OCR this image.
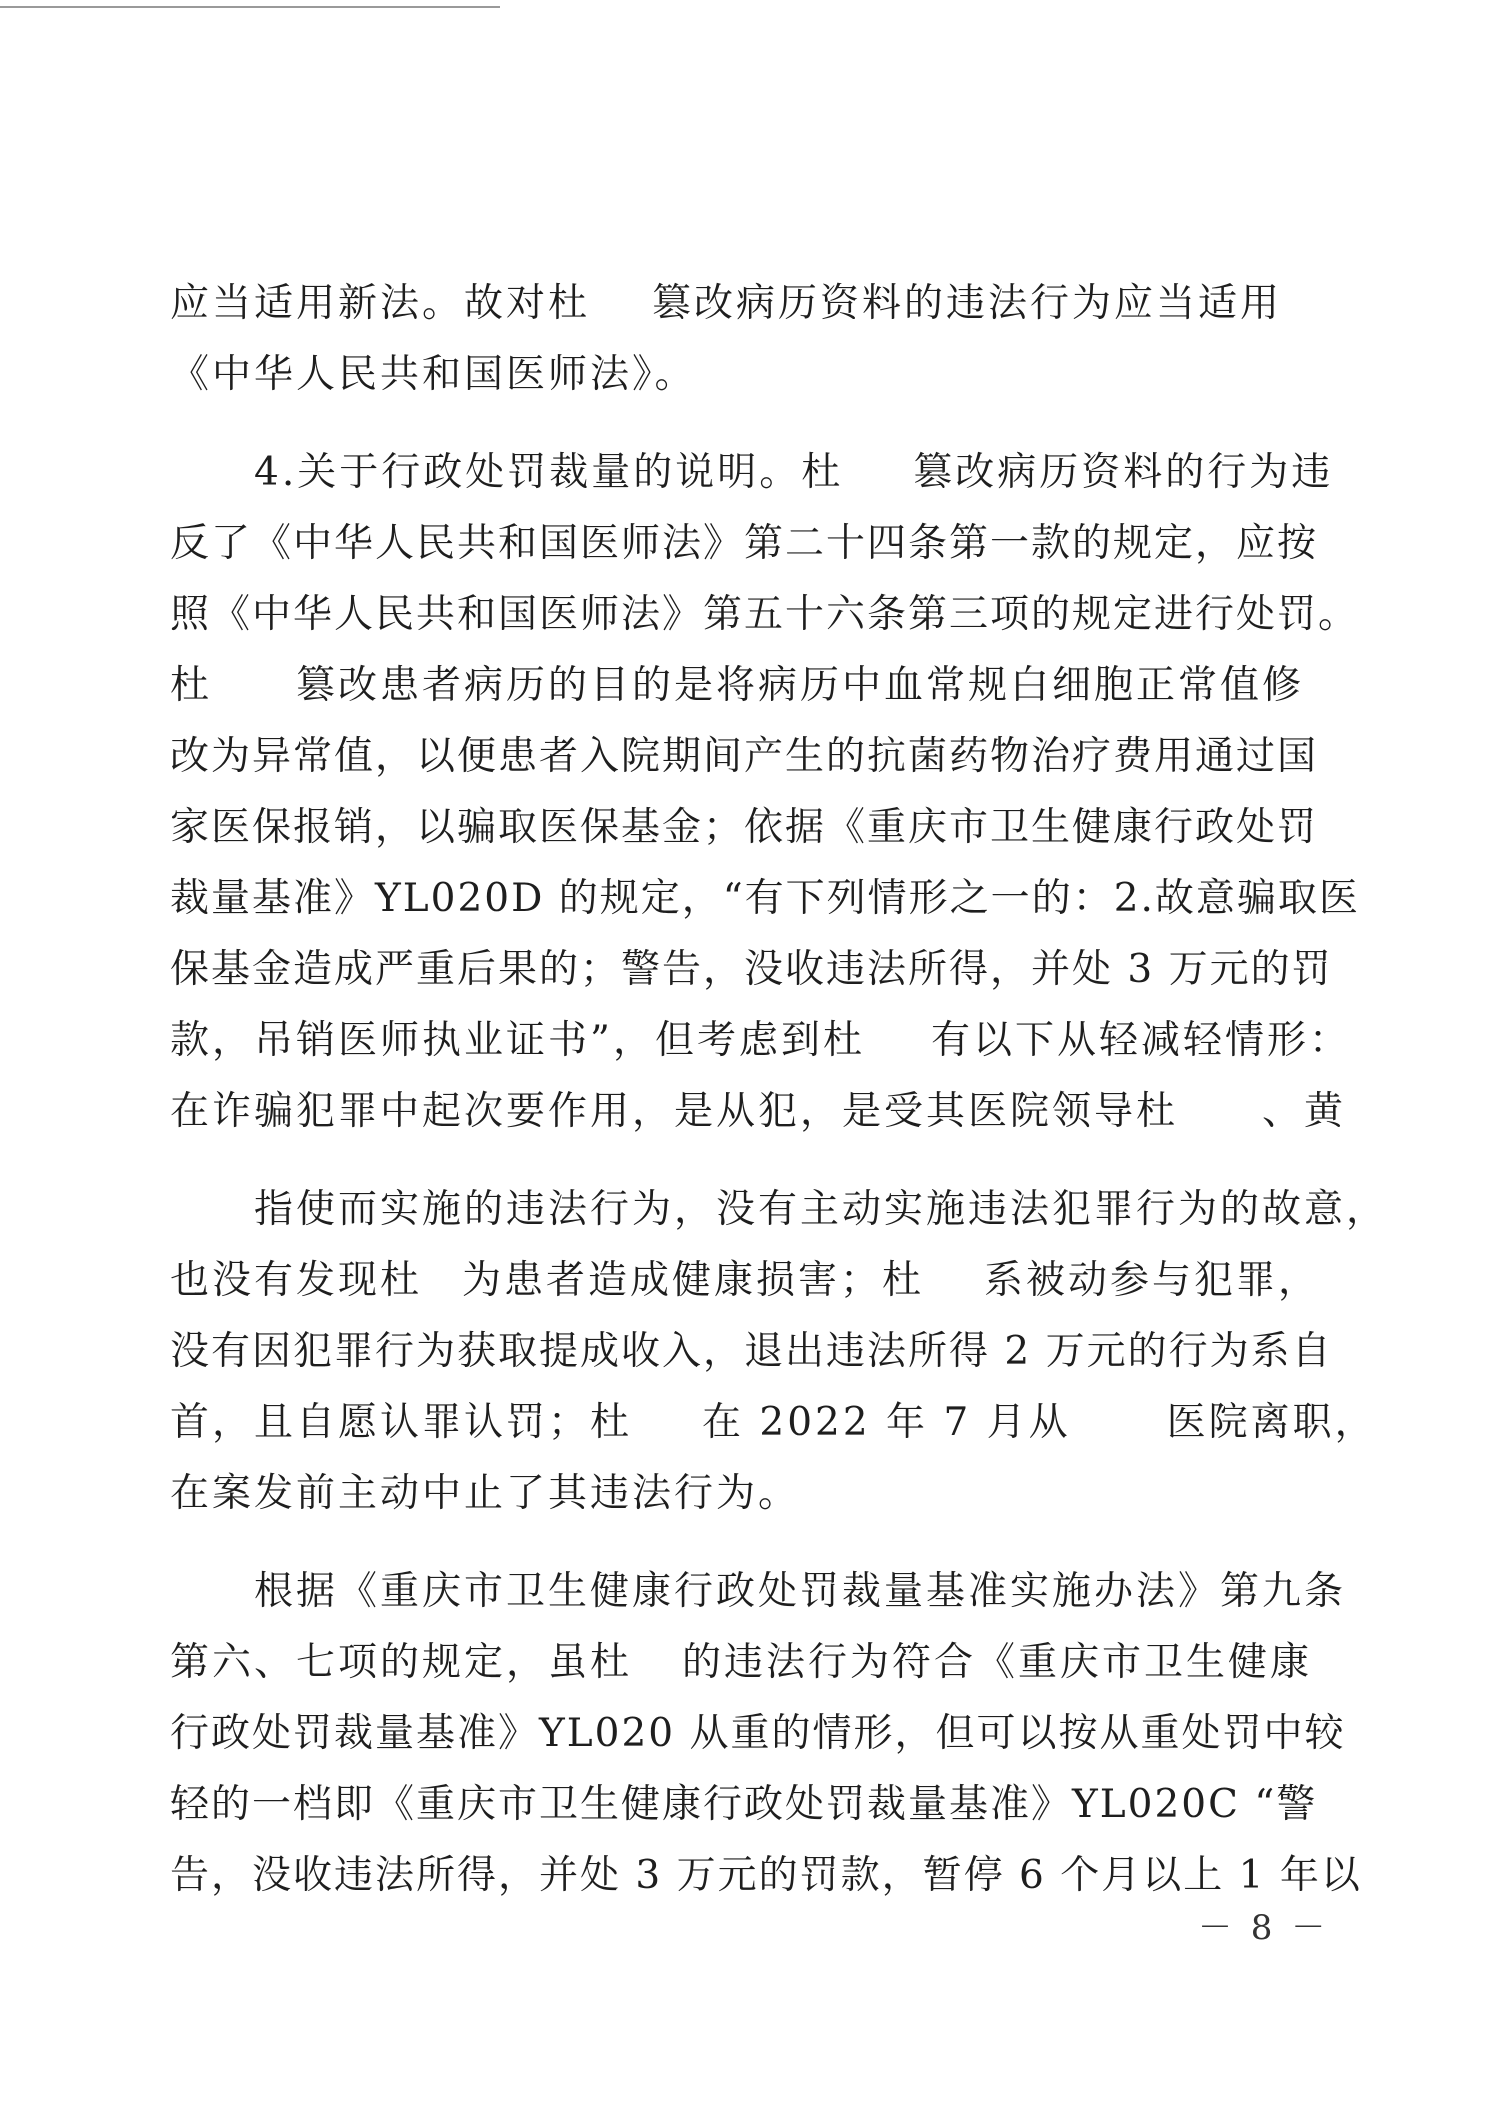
应当适用新法。故对杜 篡改病历资料的违法行为应当适用
《中华人民共和国医师法》。
4.关于行政处罚裁量的说明。杜 篡改病历资料的行为违
反了《中华人民共和国医师法》第二十四条第一款的规定，应按
照《中华人民共和国医师法》第五十六条第三项的规定进行处罚。
杜 篡改患者病历的目的是将病历中血常规白细胞正常值修
改为异常值，以便患者入院期间产生的抗菌药物治疗费用通过国
家医保报销，以骗取医保基金；依据《重庆市卫生健康行政处罚
裁量基准》YL020D 的规定，“有下列情形之一的：2.故意骗取医
保基金造成严重后果的；警告，没收违法所得，并处 3 万元的罚
款，吊销医师执业证书”，但考虑到杜 有以下从轻减轻情形：
在诈骗犯罪中起次要作用，是从犯，是受其医院领导杜 、黄
指使而实施的违法行为，没有主动实施违法犯罪行为的故意，
也没有发现杜 为患者造成健康损害；杜 系被动参与犯罪，
没有因犯罪行为获取提成收入，退出违法所得 2 万元的行为系自
首，且自愿认罪认罚；杜 在 2022 年 7 月从 医院离职，
在案发前主动中止了其违法行为。
根据《重庆市卫生健康行政处罚裁量基准实施办法》第九条
第六、七项的规定，虽杜 的违法行为符合《重庆市卫生健康
行政处罚裁量基准》YL020 从重的情形，但可以按从重处罚中较
轻的一档即《重庆市卫生健康行政处罚裁量基准》YL020C “警
告，没收违法所得，并处 3 万元的罚款，暂停 6 个月以上 1 年以
－ 8 －
